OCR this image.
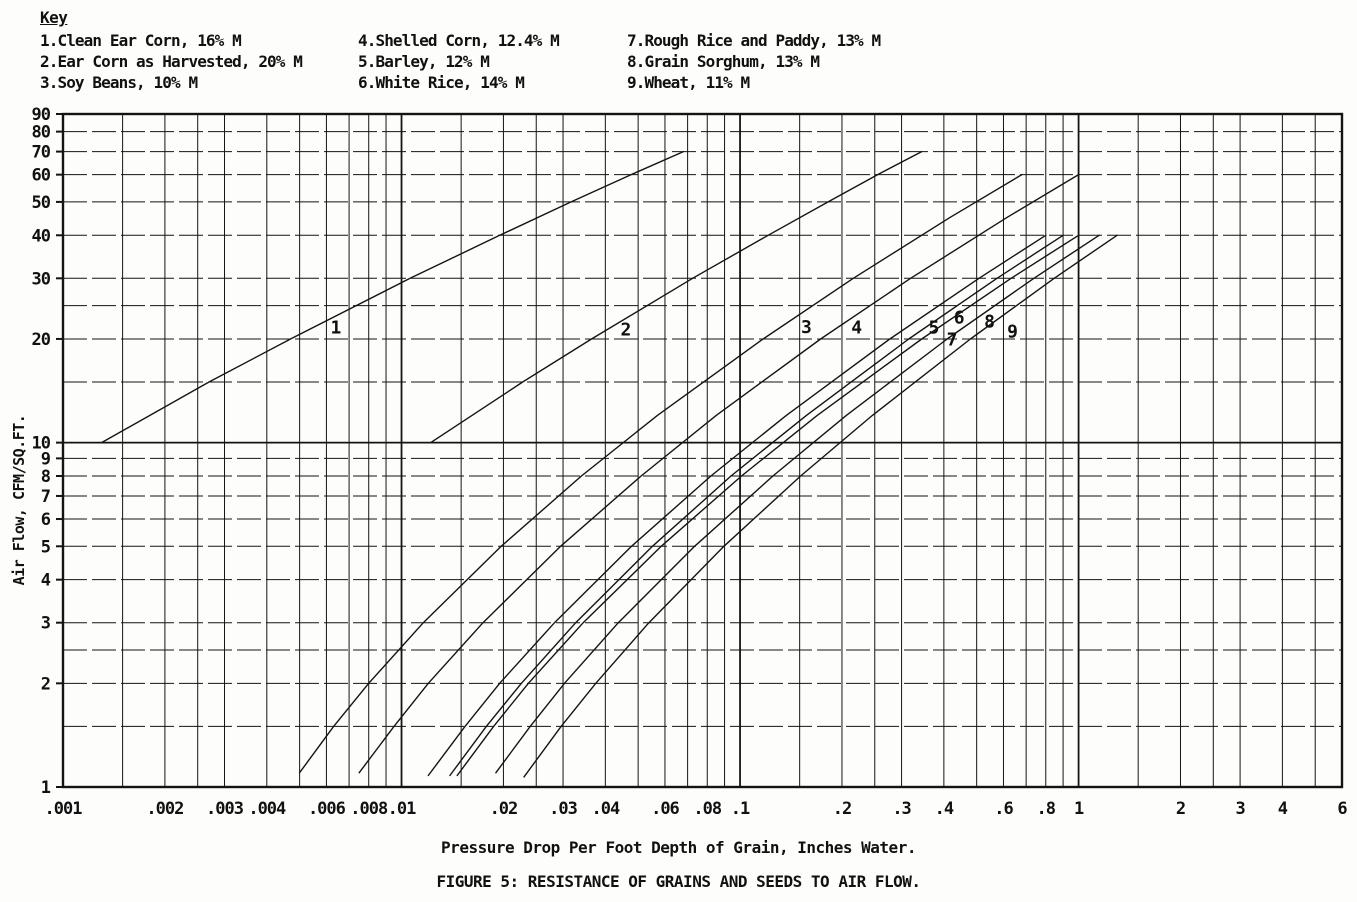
Key
1.Clean Ear Corn, 16% M
2.Ear Corn as Harvested, 20% M
3.Soy Beans, 10% M
4.Shelled Corn, 12.4% M
5.Barley, 12% M
6.White Rice, 14% M
7.Rough Rice and Paddy, 13% M
8.Grain Sorghum, 13% M
9.Wheat, 11% M
Air Flow, CFM/SQ.FT.
1
2
3
4
5
6
7
8
9
10
20
30
40
50
60
70
80
90
.001	.002 .003 .004 .006 .008 .01	.02 .03 .04 .06 .08 .1	.2 .3 .4 .6 .8 1	2	3 4	6
1	2	3 4	5 6
7
8 9
Pressure Drop Per Foot Depth of Grain, Inches Water.
FIGURE 5: RESISTANCE OF GRAINS AND SEEDS TO AIR FLOW.
